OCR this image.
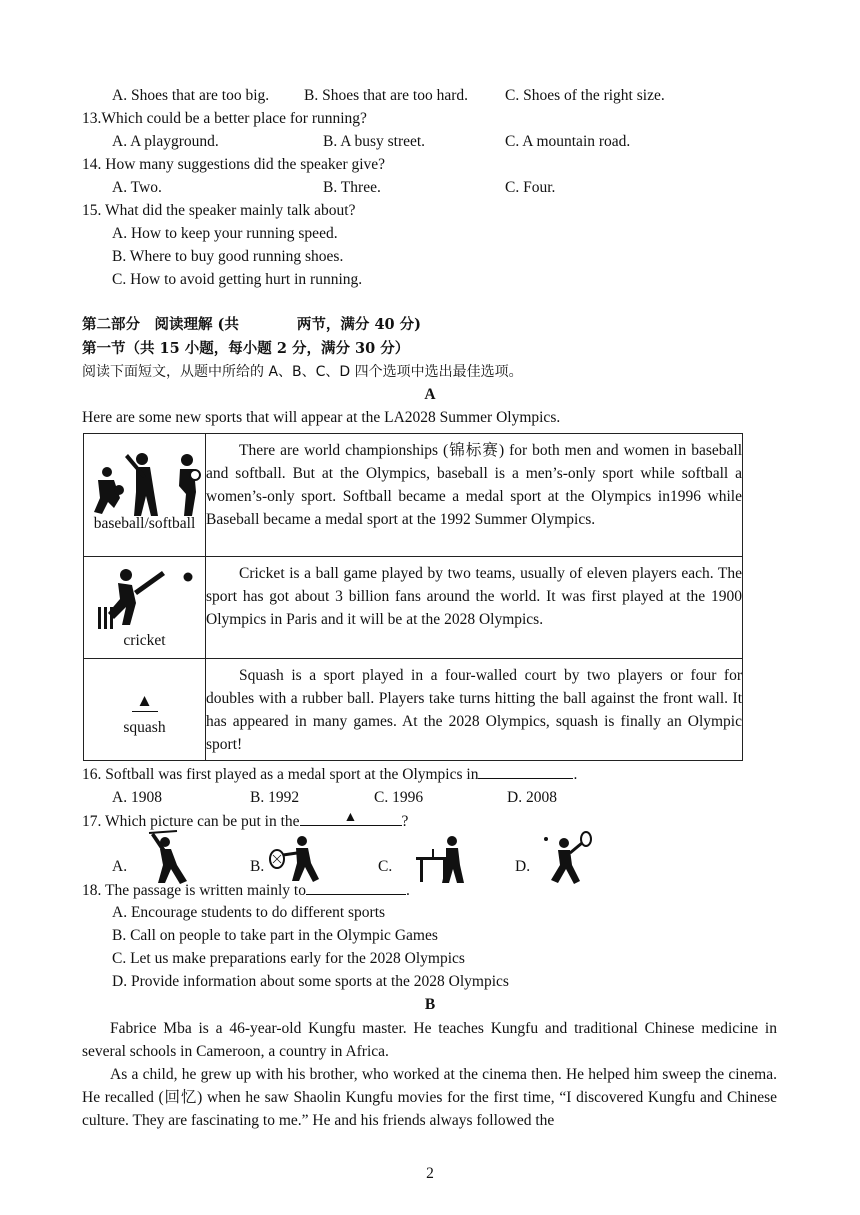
A. Shoes that are too big. B. Shoes that are too hard. C. Shoes of the right size.
13.Which could be a better place for running?
A. A playground.	B. A busy street.	C. A mountain road.
14. How many suggestions did the speaker give?
A. Two.	B. Three.	C. Four.
15. What did the speaker mainly talk about?
A. How to keep your running speed.
B. Where to buy good running shoes.
C. How to avoid getting hurt in running.
第二部分　阅读理解 (共　　　　两节，满分 40 分)
第一节（共 15 小题，每小题 2 分，满分 30 分）
阅读下面短文，从题中所给的 A、B、C、D 四个选项中选出最佳选项。
A
Here are some new sports that will appear at the LA2028 Summer Olympics.
baseball/softball	There are world championships (锦标赛) for both men and women in baseball and softball. But at the Olympics, baseball is a men’s-only sport while softball a women’s-only sport. Softball became a medal sport at the Olympics in1996 while Baseball became a medal sport at the 1992 Summer Olympics.

cricket	Cricket is a ball game played by two teams, usually of eleven players each. The sport has got about 3 billion fans around the world. It was first played at the 1900 Olympics in Paris and it will be at the 2028 Olympics.

▲
squash	Squash is a sport played in a four-walled court by two players or four for doubles with a rubber ball. Players take turns hitting the ball against the front wall. It has appeared in many games. At the 2028 Olympics, squash is finally an Olympic sport!
16. Softball was first played as a medal sport at the Olympics in	.
A. 1908	B. 1992	C. 1996	D. 2008
17. Which picture can be put in the	▲	?
A.	B.	C.	D.
18. The passage is written mainly to	.
A. Encourage students to do different sports
B. Call on people to take part in the Olympic Games
C. Let us make preparations early for the 2028 Olympics
D. Provide information about some sports at the 2028 Olympics
B
Fabrice Mba is a 46-year-old Kungfu master. He teaches Kungfu and traditional Chinese medicine in several schools in Cameroon, a country in Africa.
As a child, he grew up with his brother, who worked at the cinema then. He helped him sweep the cinema. He recalled (回忆) when he saw Shaolin Kungfu movies for the first time, “I discovered Kungfu and Chinese culture. They are fascinating to me.” He and his friends always followed the
2
